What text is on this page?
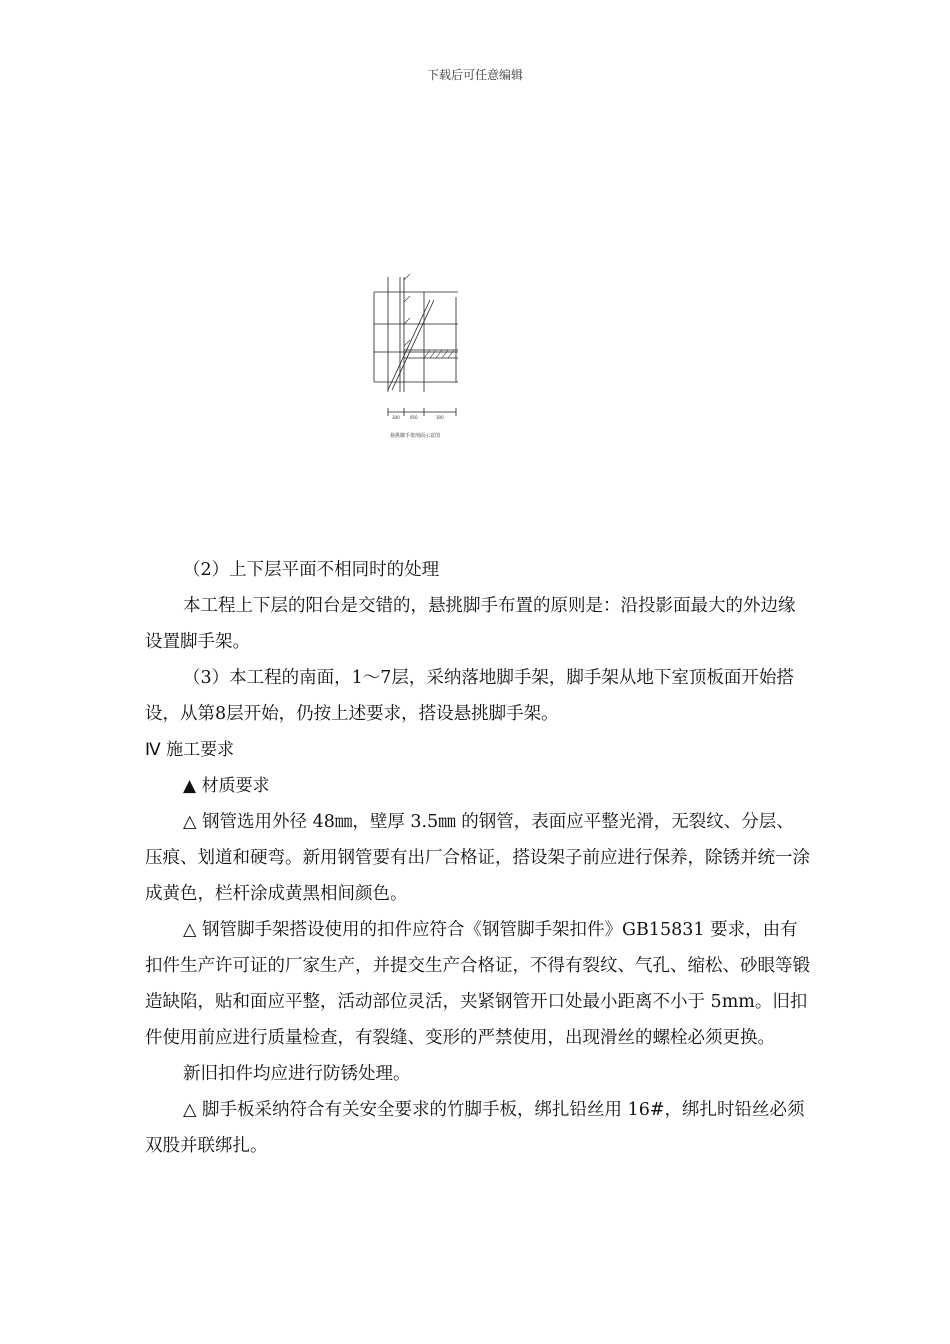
下载后可任意编辑
300	950	300
悬挑脚手架剖面示意图

（2）上下层平面不相同时的处理

本工程上下层的阳台是交错的，悬挑脚手布置的原则是：沿投影面最大的外边缘设置脚手架。

（3）本工程的南面，1～7层，采纳落地脚手架，脚手架从地下室顶板面开始搭设，从第8层开始，仍按上述要求，搭设悬挑脚手架。

Ⅳ 施工要求

▲ 材质要求

△ 钢管选用外径 48㎜，壁厚 3.5㎜ 的钢管，表面应平整光滑，无裂纹、分层、压痕、划道和硬弯。新用钢管要有出厂合格证，搭设架子前应进行保养，除锈并统一涂成黄色，栏杆涂成黄黑相间颜色。

△ 钢管脚手架搭设使用的扣件应符合《钢管脚手架扣件》GB15831 要求，由有扣件生产许可证的厂家生产，并提交生产合格证，不得有裂纹、气孔、缩松、砂眼等锻造缺陷，贴和面应平整，活动部位灵活，夹紧钢管开口处最小距离不小于 5mm。旧扣件使用前应进行质量检查，有裂缝、变形的严禁使用，出现滑丝的螺栓必须更换。

新旧扣件均应进行防锈处理。

△ 脚手板采纳符合有关安全要求的竹脚手板，绑扎铅丝用 16#，绑扎时铅丝必须双股并联绑扎。
